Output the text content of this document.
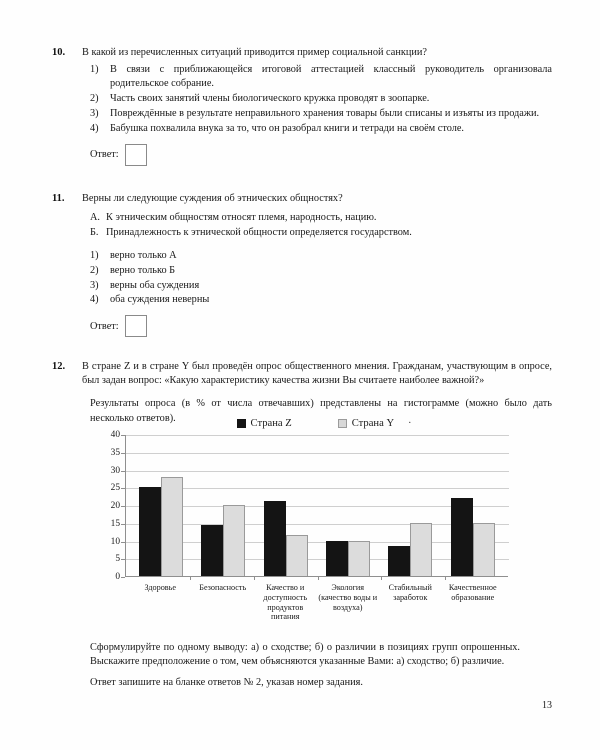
10.	В какой из перечисленных ситуаций приводится пример социальной санкции?
1)	В связи с приближающейся итоговой аттестацией классный руководитель организовала родительское собрание.
2)	Часть своих занятий члены биологического кружка проводят в зоопарке.
3)	Повреждённые в результате неправильного хранения товары были списаны и изъяты из продажи.
4)	Бабушка похвалила внука за то, что он разобрал книги и тетради на своём столе.
Ответ:
11.	Верны ли следующие суждения об этнических общностях?
А. К этническим общностям относят племя, народность, нацию.
Б. Принадлежность к этнической общности определяется государством.
1)	верно только А
2)	верно только Б
3)	верны оба суждения
4)	оба суждения неверны
Ответ:
12.	В стране Z и в стране Y был проведён опрос общественного мнения. Гражданам, участвующим в опросе, был задан вопрос: «Какую характеристику качества жизни Вы считаете наиболее важной?»
Результаты опроса (в % от числа отвечавших) представлены на гистограмме (можно было дать несколько ответов).	Страна Z	Страна Y ·
0
5
10
15
20
25
30
35
40
Здоровье	Безопасность	Качество и доступность продуктов питания
Экология (качество воды и воздуха)
Стабильный заработок
Качественное образование
Сформулируйте по одному выводу: а) о сходстве; б) о различии в позициях групп опрошенных. Выскажите предположение о том, чем объясняются указанные Вами: а) сходство; б) различие.
Ответ запишите на бланке ответов № 2, указав номер задания.
13
